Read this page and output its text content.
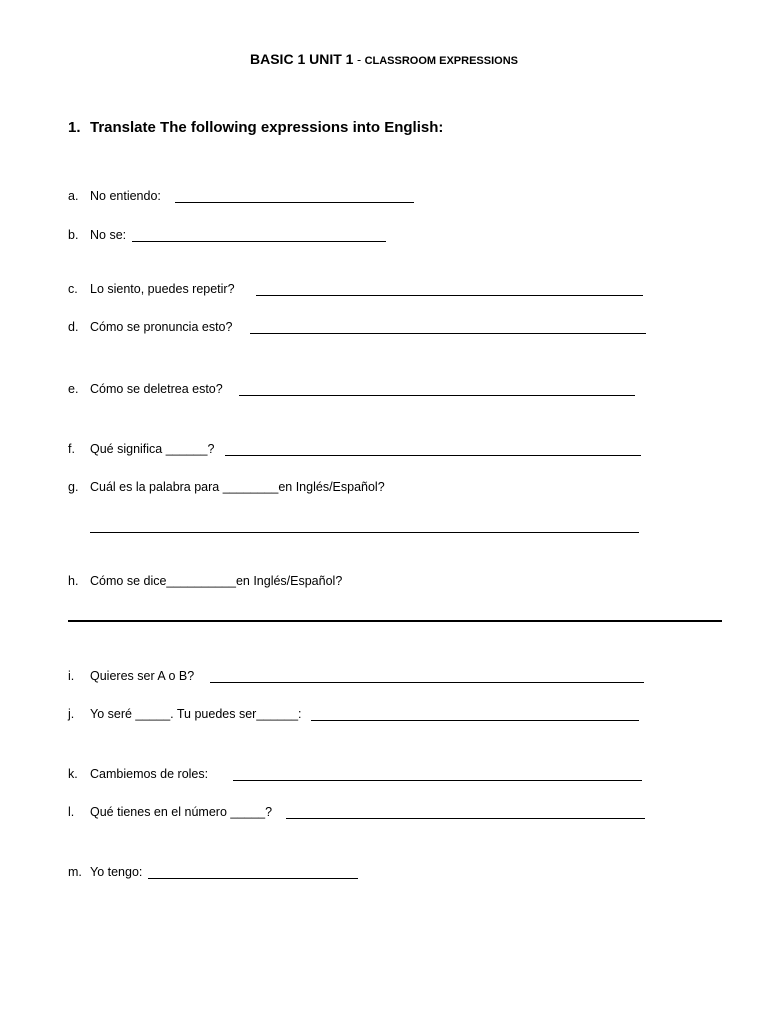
BASIC 1 UNIT 1 - CLASSROOM EXPRESSIONS
1. Translate The following expressions into English:
a. No entiendo:
b. No se:
c. Lo siento, puedes repetir?
d. Cómo se pronuncia esto?
e. Cómo se deletrea esto?
f. Qué significa ______?
g. Cuál es la palabra para ________en Inglés/Español?
h. Cómo se dice__________en Inglés/Español?
i. Quieres ser A o B?
j. Yo seré _____. Tu puedes ser______:
k. Cambiemos de roles:
l. Qué tienes en el número _____?
m. Yo tengo:
